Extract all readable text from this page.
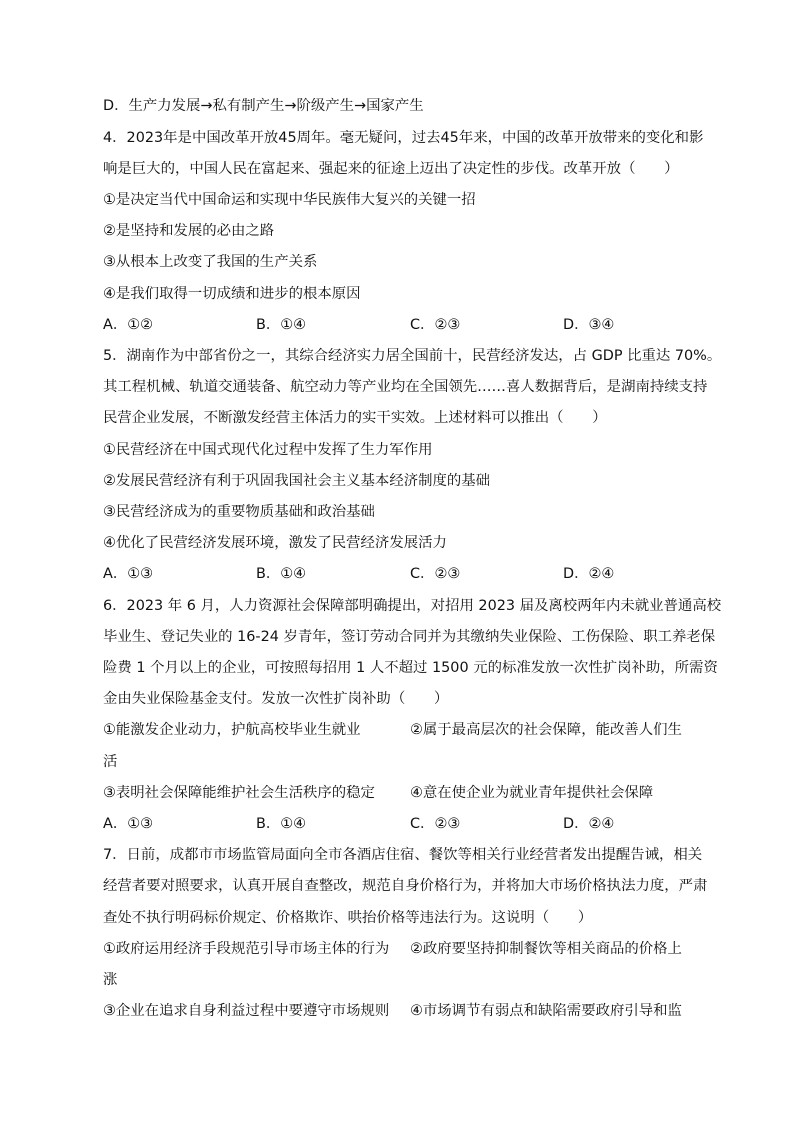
D．生产力发展→私有制产生→阶级产生→国家产生
4．2023年是中国改革开放45周年。毫无疑问，过去45年来，中国的改革开放带来的变化和影
响是巨大的，中国人民在富起来、强起来的征途上迈出了决定性的步伐。改革开放（　　）
①是决定当代中国命运和实现中华民族伟大复兴的关键一招
②是坚持和发展的必由之路
③从根本上改变了我国的生产关系
④是我们取得一切成绩和进步的根本原因
A．①②	B．①④	C．②③	D．③④
5．湖南作为中部省份之一，其综合经济实力居全国前十，民营经济发达，占 GDP 比重达 70%。
其工程机械、轨道交通装备、航空动力等产业均在全国领先……喜人数据背后，是湖南持续支持
民营企业发展，不断激发经营主体活力的实干实效。上述材料可以推出（　　）
①民营经济在中国式现代化过程中发挥了生力军作用
②发展民营经济有利于巩固我国社会主义基本经济制度的基础
③民营经济成为的重要物质基础和政治基础
④优化了民营经济发展环境，激发了民营经济发展活力
A．①③	B．①④	C．②③	D．②④
6．2023 年 6 月，人力资源社会保障部明确提出，对招用 2023 届及离校两年内未就业普通高校
毕业生、登记失业的 16-24 岁青年，签订劳动合同并为其缴纳失业保险、工伤保险、职工养老保
险费 1 个月以上的企业，可按照每招用 1 人不超过 1500 元的标准发放一次性扩岗补助，所需资
金由失业保险基金支付。发放一次性扩岗补助（　　）
①能激发企业动力，护航高校毕业生就业	②属于最高层次的社会保障，能改善人们生
活
③表明社会保障能维护社会生活秩序的稳定 ④意在使企业为就业青年提供社会保障
A．①③	B．①④	C．②③	D．②④
7．日前，成都市市场监管局面向全市各酒店住宿、餐饮等相关行业经营者发出提醒告诫，相关
经营者要对照要求，认真开展自查整改，规范自身价格行为，并将加大市场价格执法力度，严肃
查处不执行明码标价规定、价格欺诈、哄抬价格等违法行为。这说明（　　）
①政府运用经济手段规范引导市场主体的行为 ②政府要坚持抑制餐饮等相关商品的价格上
涨
③企业在追求自身利益过程中要遵守市场规则 ④市场调节有弱点和缺陷需要政府引导和监
